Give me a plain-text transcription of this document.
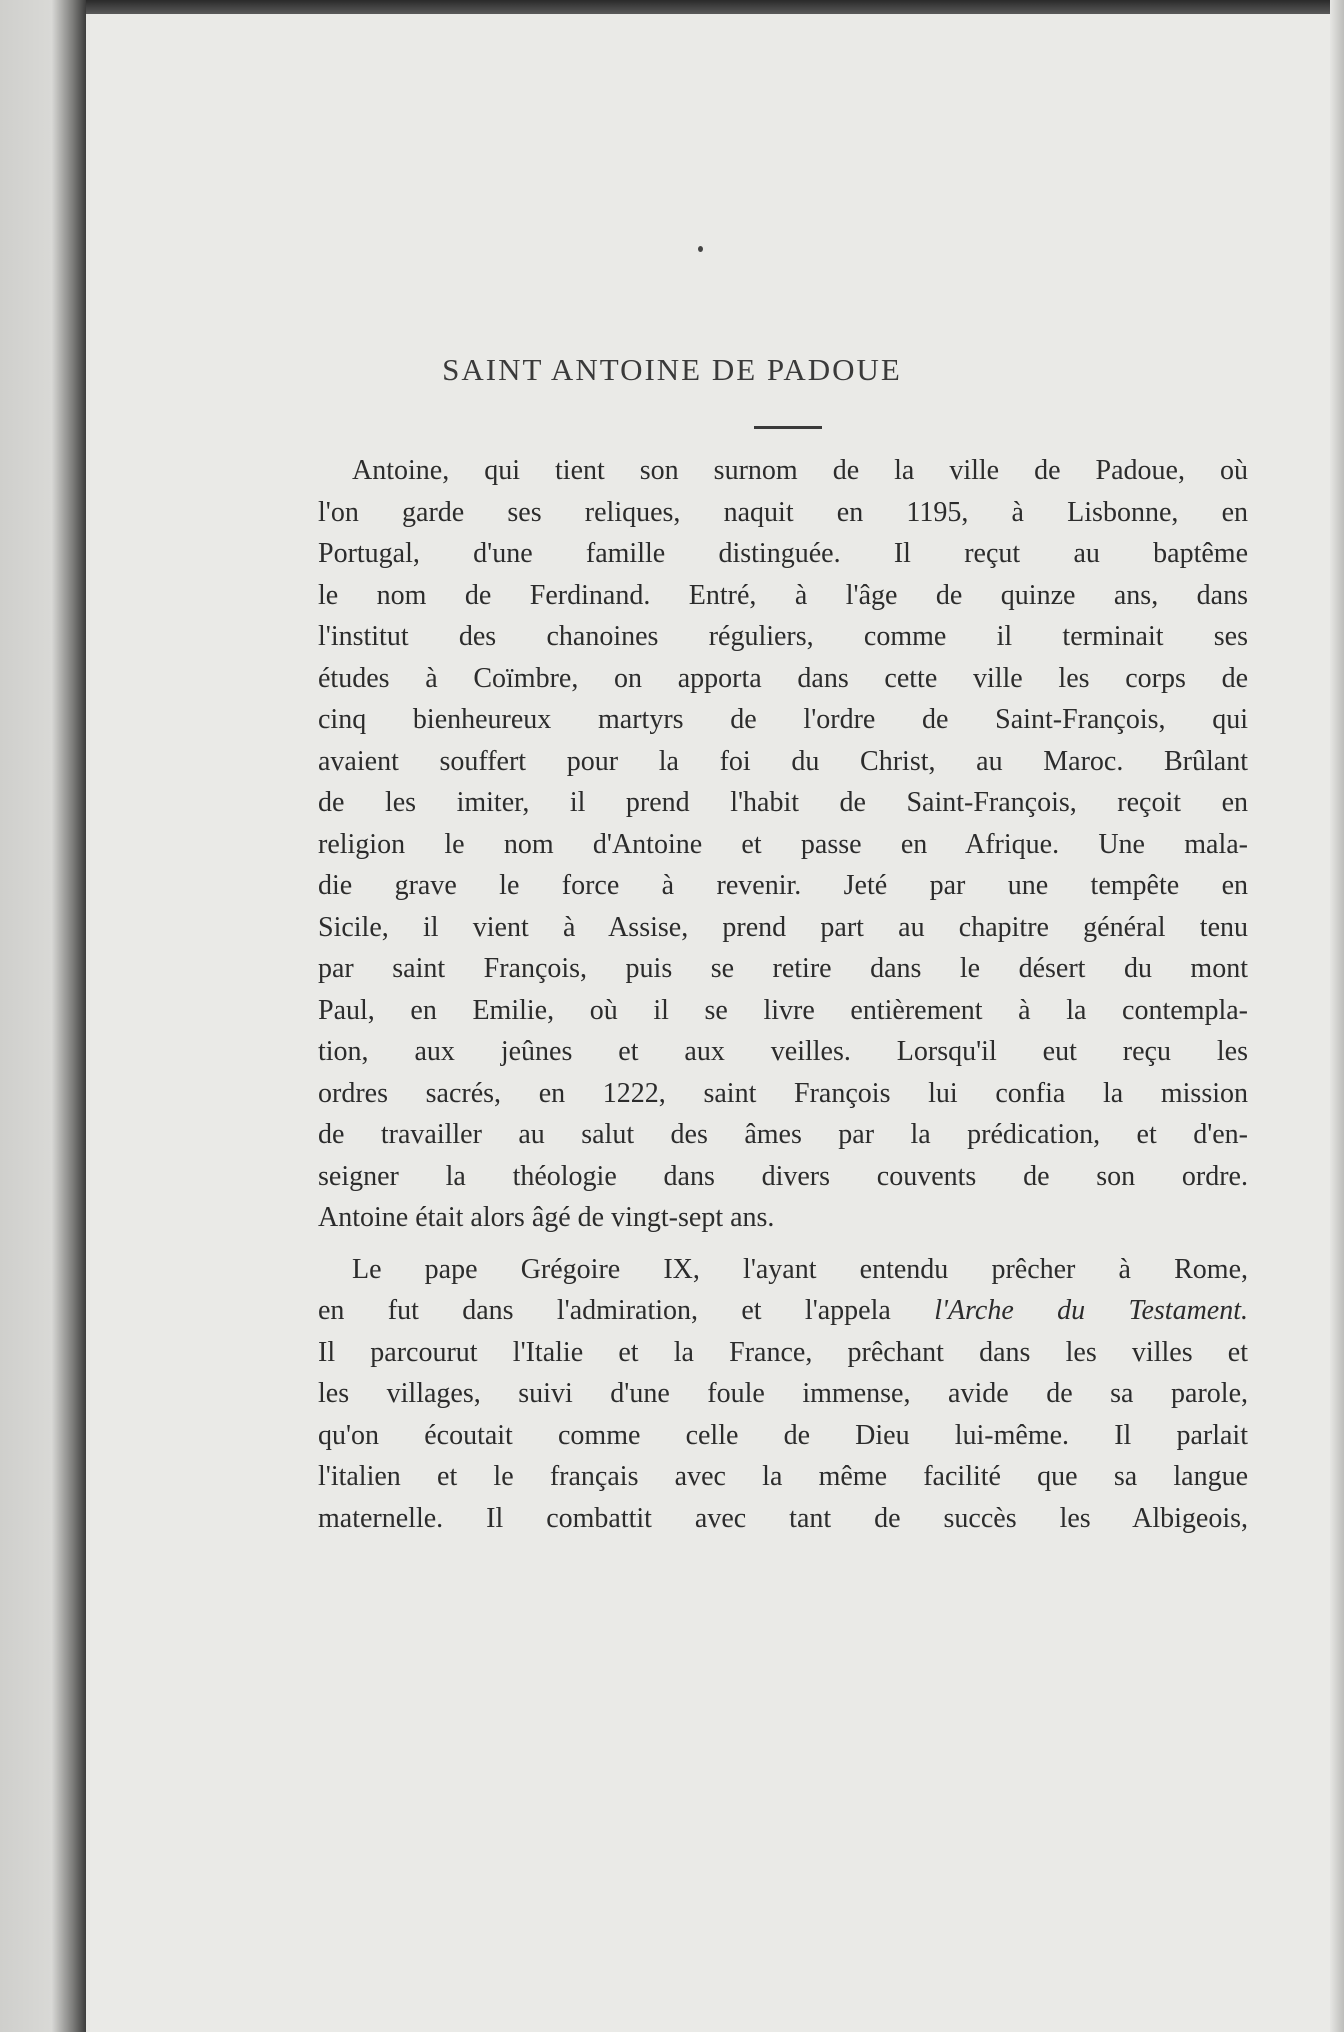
SAINT ANTOINE DE PADOUE
Antoine, qui tient son surnom de la ville de Padoue, où
l'on garde ses reliques, naquit en 1195, à Lisbonne, en
Portugal, d'une famille distinguée. Il reçut au baptême
le nom de Ferdinand. Entré, à l'âge de quinze ans, dans
l'institut des chanoines réguliers, comme il terminait ses
études à Coïmbre, on apporta dans cette ville les corps de
cinq bienheureux martyrs de l'ordre de Saint-François, qui
avaient souffert pour la foi du Christ, au Maroc. Brûlant
de les imiter, il prend l'habit de Saint-François, reçoit en
religion le nom d'Antoine et passe en Afrique. Une mala-
die grave le force à revenir. Jeté par une tempête en
Sicile, il vient à Assise, prend part au chapitre général tenu
par saint François, puis se retire dans le désert du mont
Paul, en Emilie, où il se livre entièrement à la contempla-
tion, aux jeûnes et aux veilles. Lorsqu'il eut reçu les
ordres sacrés, en 1222, saint François lui confia la mission
de travailler au salut des âmes par la prédication, et d'en-
seigner la théologie dans divers couvents de son ordre.
Antoine était alors âgé de vingt-sept ans.
Le pape Grégoire IX, l'ayant entendu prêcher à Rome,
en fut dans l'admiration, et l'appela l'Arche du Testament.
Il parcourut l'Italie et la France, prêchant dans les villes et
les villages, suivi d'une foule immense, avide de sa parole,
qu'on écoutait comme celle de Dieu lui-même. Il parlait
l'italien et le français avec la même facilité que sa langue
maternelle. Il combattit avec tant de succès les Albigeois,
